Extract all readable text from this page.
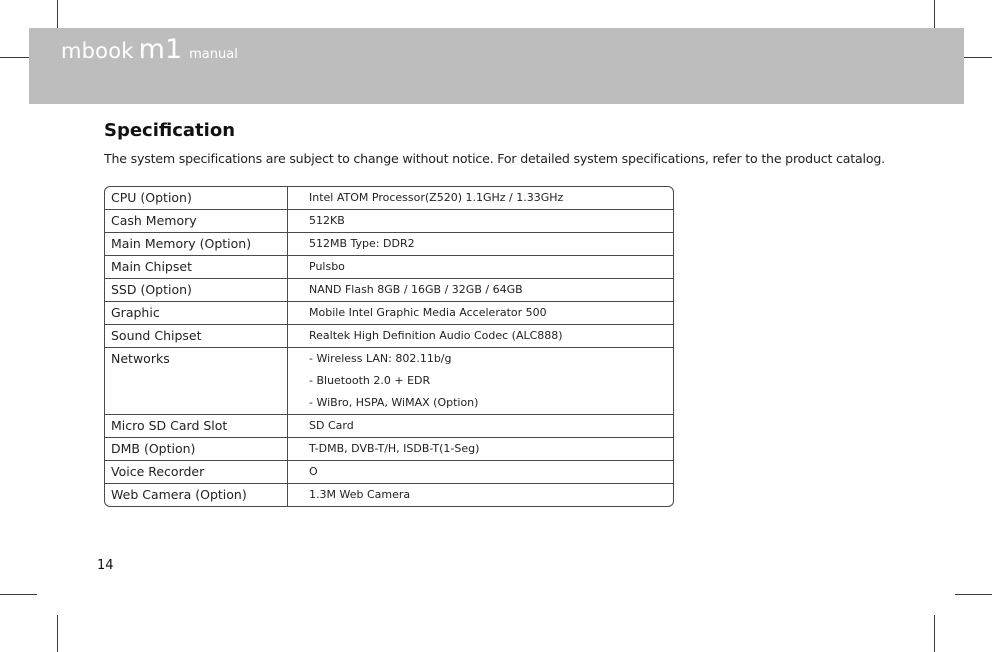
mbook m1 manual
Specification

The system specifications are subject to change without notice. For detailed system specifications, refer to the product catalog.

CPU (Option)	Intel ATOM Processor(Z520) 1.1GHz / 1.33GHz
Cash Memory	512KB
Main Memory (Option)	512MB Type: DDR2
Main Chipset	Pulsbo
SSD (Option)	NAND Flash 8GB / 16GB / 32GB / 64GB
Graphic	Mobile Intel Graphic Media Accelerator 500
Sound Chipset	Realtek High Definition Audio Codec (ALC888)
Networks	- Wireless LAN: 802.11b/g
- Bluetooth 2.0 + EDR
- WiBro, HSPA, WiMAX (Option)
Micro SD Card Slot	SD Card
DMB (Option)	T-DMB, DVB-T/H, ISDB-T(1-Seg)
Voice Recorder	O
Web Camera (Option)	1.3M Web Camera
14
